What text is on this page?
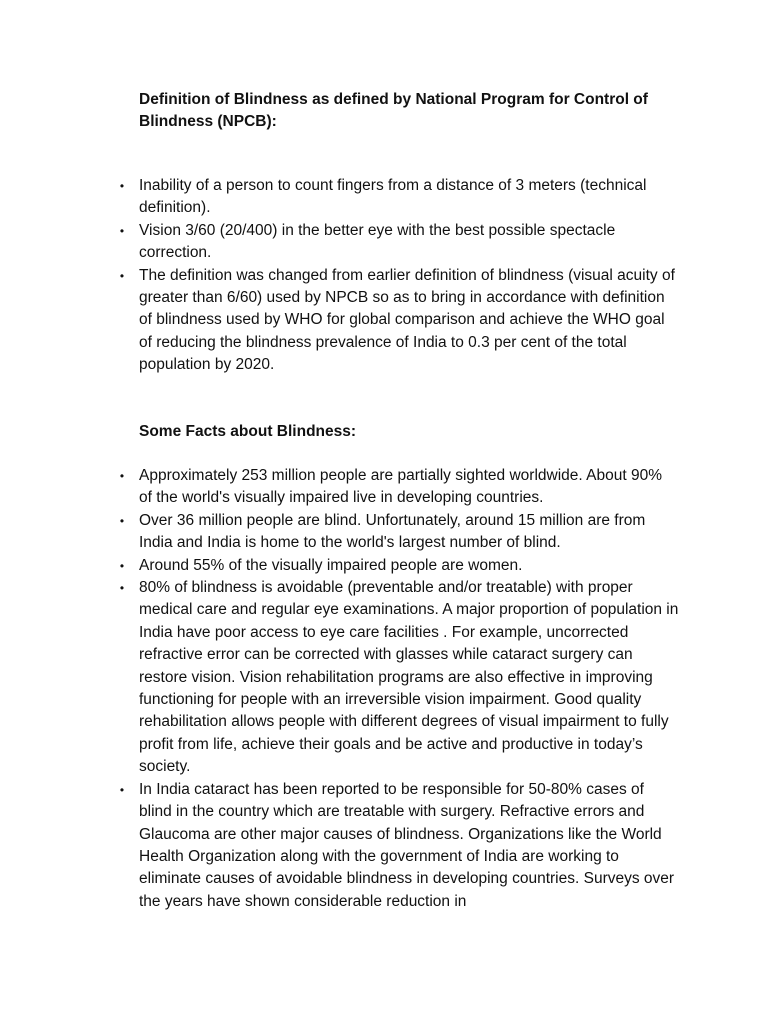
Definition of Blindness as defined by National Program for Control of Blindness (NPCB):

• Inability of a person to count fingers from a distance of 3 meters (technical definition).
• Vision 3/60 (20/400) in the better eye with the best possible spectacle correction.
• The definition was changed from earlier definition of blindness (visual acuity of greater than 6/60) used by NPCB so as to bring in accordance with definition of blindness used by WHO for global comparison and achieve the WHO goal of reducing the blindness prevalence of India to 0.3 per cent of the total population by 2020.

Some Facts about Blindness:

• Approximately 253 million people are partially sighted worldwide. About 90% of the world's visually impaired live in developing countries.
• Over 36 million people are blind. Unfortunately, around 15 million are from India and India is home to the world's largest number of blind.
• Around 55% of the visually impaired people are women.
• 80% of blindness is avoidable (preventable and/or treatable) with proper medical care and regular eye examinations. A major proportion of population in India have poor access to eye care facilities . For example, uncorrected refractive error can be corrected with glasses while cataract surgery can restore vision. Vision rehabilitation programs are also effective in improving functioning for people with an irreversible vision impairment. Good quality rehabilitation allows people with different degrees of visual impairment to fully profit from life, achieve their goals and be active and productive in today’s society.
• In India cataract has been reported to be responsible for 50-80% cases of blind in the country which are treatable with surgery. Refractive errors and Glaucoma are other major causes of blindness. Organizations like the World Health Organization along with the government of India are working to eliminate causes of avoidable blindness in developing countries. Surveys over the years have shown considerable reduction in
